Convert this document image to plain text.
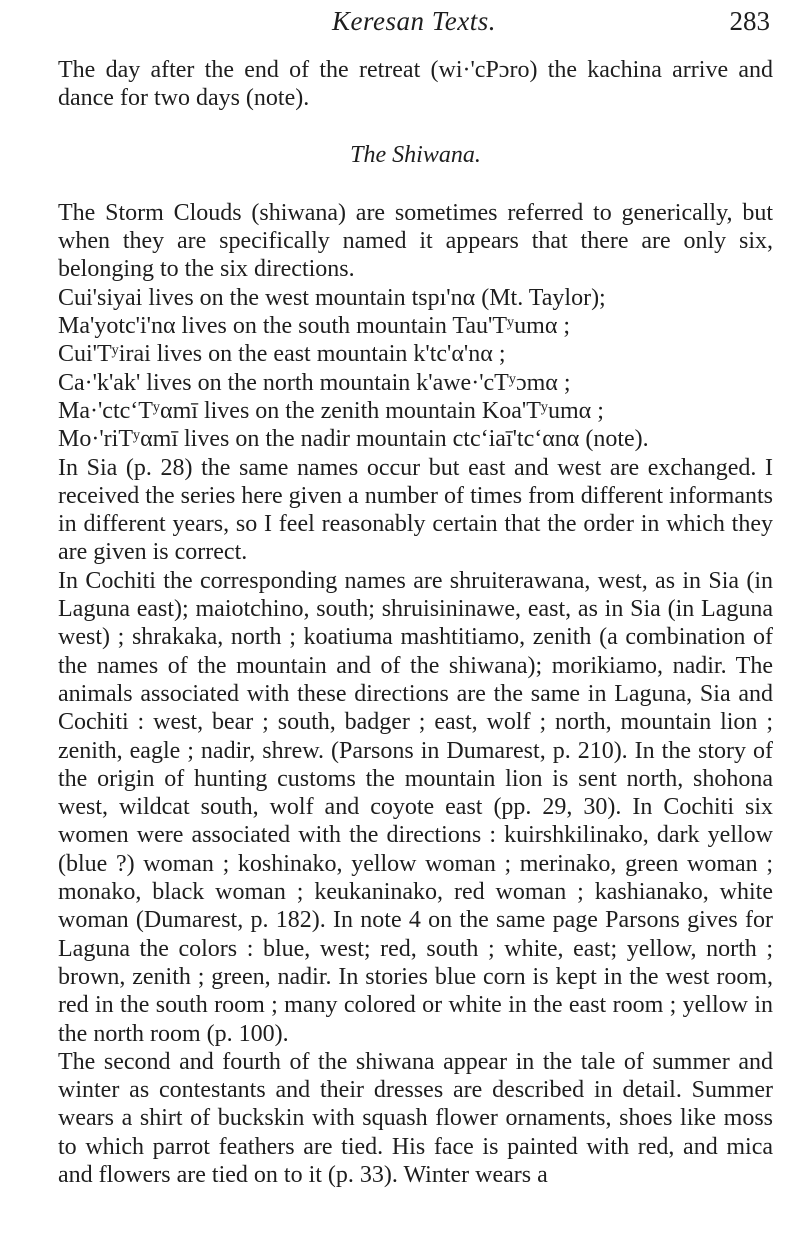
Keresan Texts.	283

The day after the end of the retreat (wi·'cPɔro) the kachina arrive and dance for two days (note).

The Shiwana.

The Storm Clouds (shiwana) are sometimes referred to generically, but when they are specifically named it appears that there are only six, belonging to the six directions.

Cui'siyai lives on the west mountain tspı'nα (Mt. Taylor);
Ma'yotc'i'nα lives on the south mountain Tau'Tʸumα ;
Cui'Tʸirai lives on the east mountain k'tc'α'nα ;
Ca·'k'ak' lives on the north mountain k'awe·'cTʸɔmα ;
Ma·'ctcʻTʸαmī lives on the zenith mountain Koa'Tʸumα ;
Mo·'riTʸαmī lives on the nadir mountain ctcʻiaī'tcʻαnα (note).

In Sia (p. 28) the same names occur but east and west are exchanged. I received the series here given a number of times from different informants in different years, so I feel reasonably certain that the order in which they are given is correct.

In Cochiti the corresponding names are shruiterawana, west, as in Sia (in Laguna east); maiotchino, south; shruisininawe, east, as in Sia (in Laguna west) ; shrakaka, north ; koatiuma mashtitiamo, zenith (a combination of the names of the mountain and of the shiwana); morikiamo, nadir. The animals associated with these directions are the same in Laguna, Sia and Cochiti : west, bear ; south, badger ; east, wolf ; north, mountain lion ; zenith, eagle ; nadir, shrew. (Parsons in Dumarest, p. 210). In the story of the origin of hunting customs the mountain lion is sent north, shohona west, wildcat south, wolf and coyote east (pp. 29, 30). In Cochiti six women were associated with the directions : kuirshkilinako, dark yellow (blue ?) woman ; koshinako, yellow woman ; merinako, green woman ; monako, black woman ; keukaninako, red woman ; kashianako, white woman (Dumarest, p. 182). In note 4 on the same page Parsons gives for Laguna the colors : blue, west; red, south ; white, east; yellow, north ; brown, zenith ; green, nadir. In stories blue corn is kept in the west room, red in the south room ; many colored or white in the east room ; yellow in the north room (p. 100).

The second and fourth of the shiwana appear in the tale of summer and winter as contestants and their dresses are described in detail. Summer wears a shirt of buckskin with squash flower ornaments, shoes like moss to which parrot feathers are tied. His face is painted with red, and mica and flowers are tied on to it (p. 33). Winter wears a
